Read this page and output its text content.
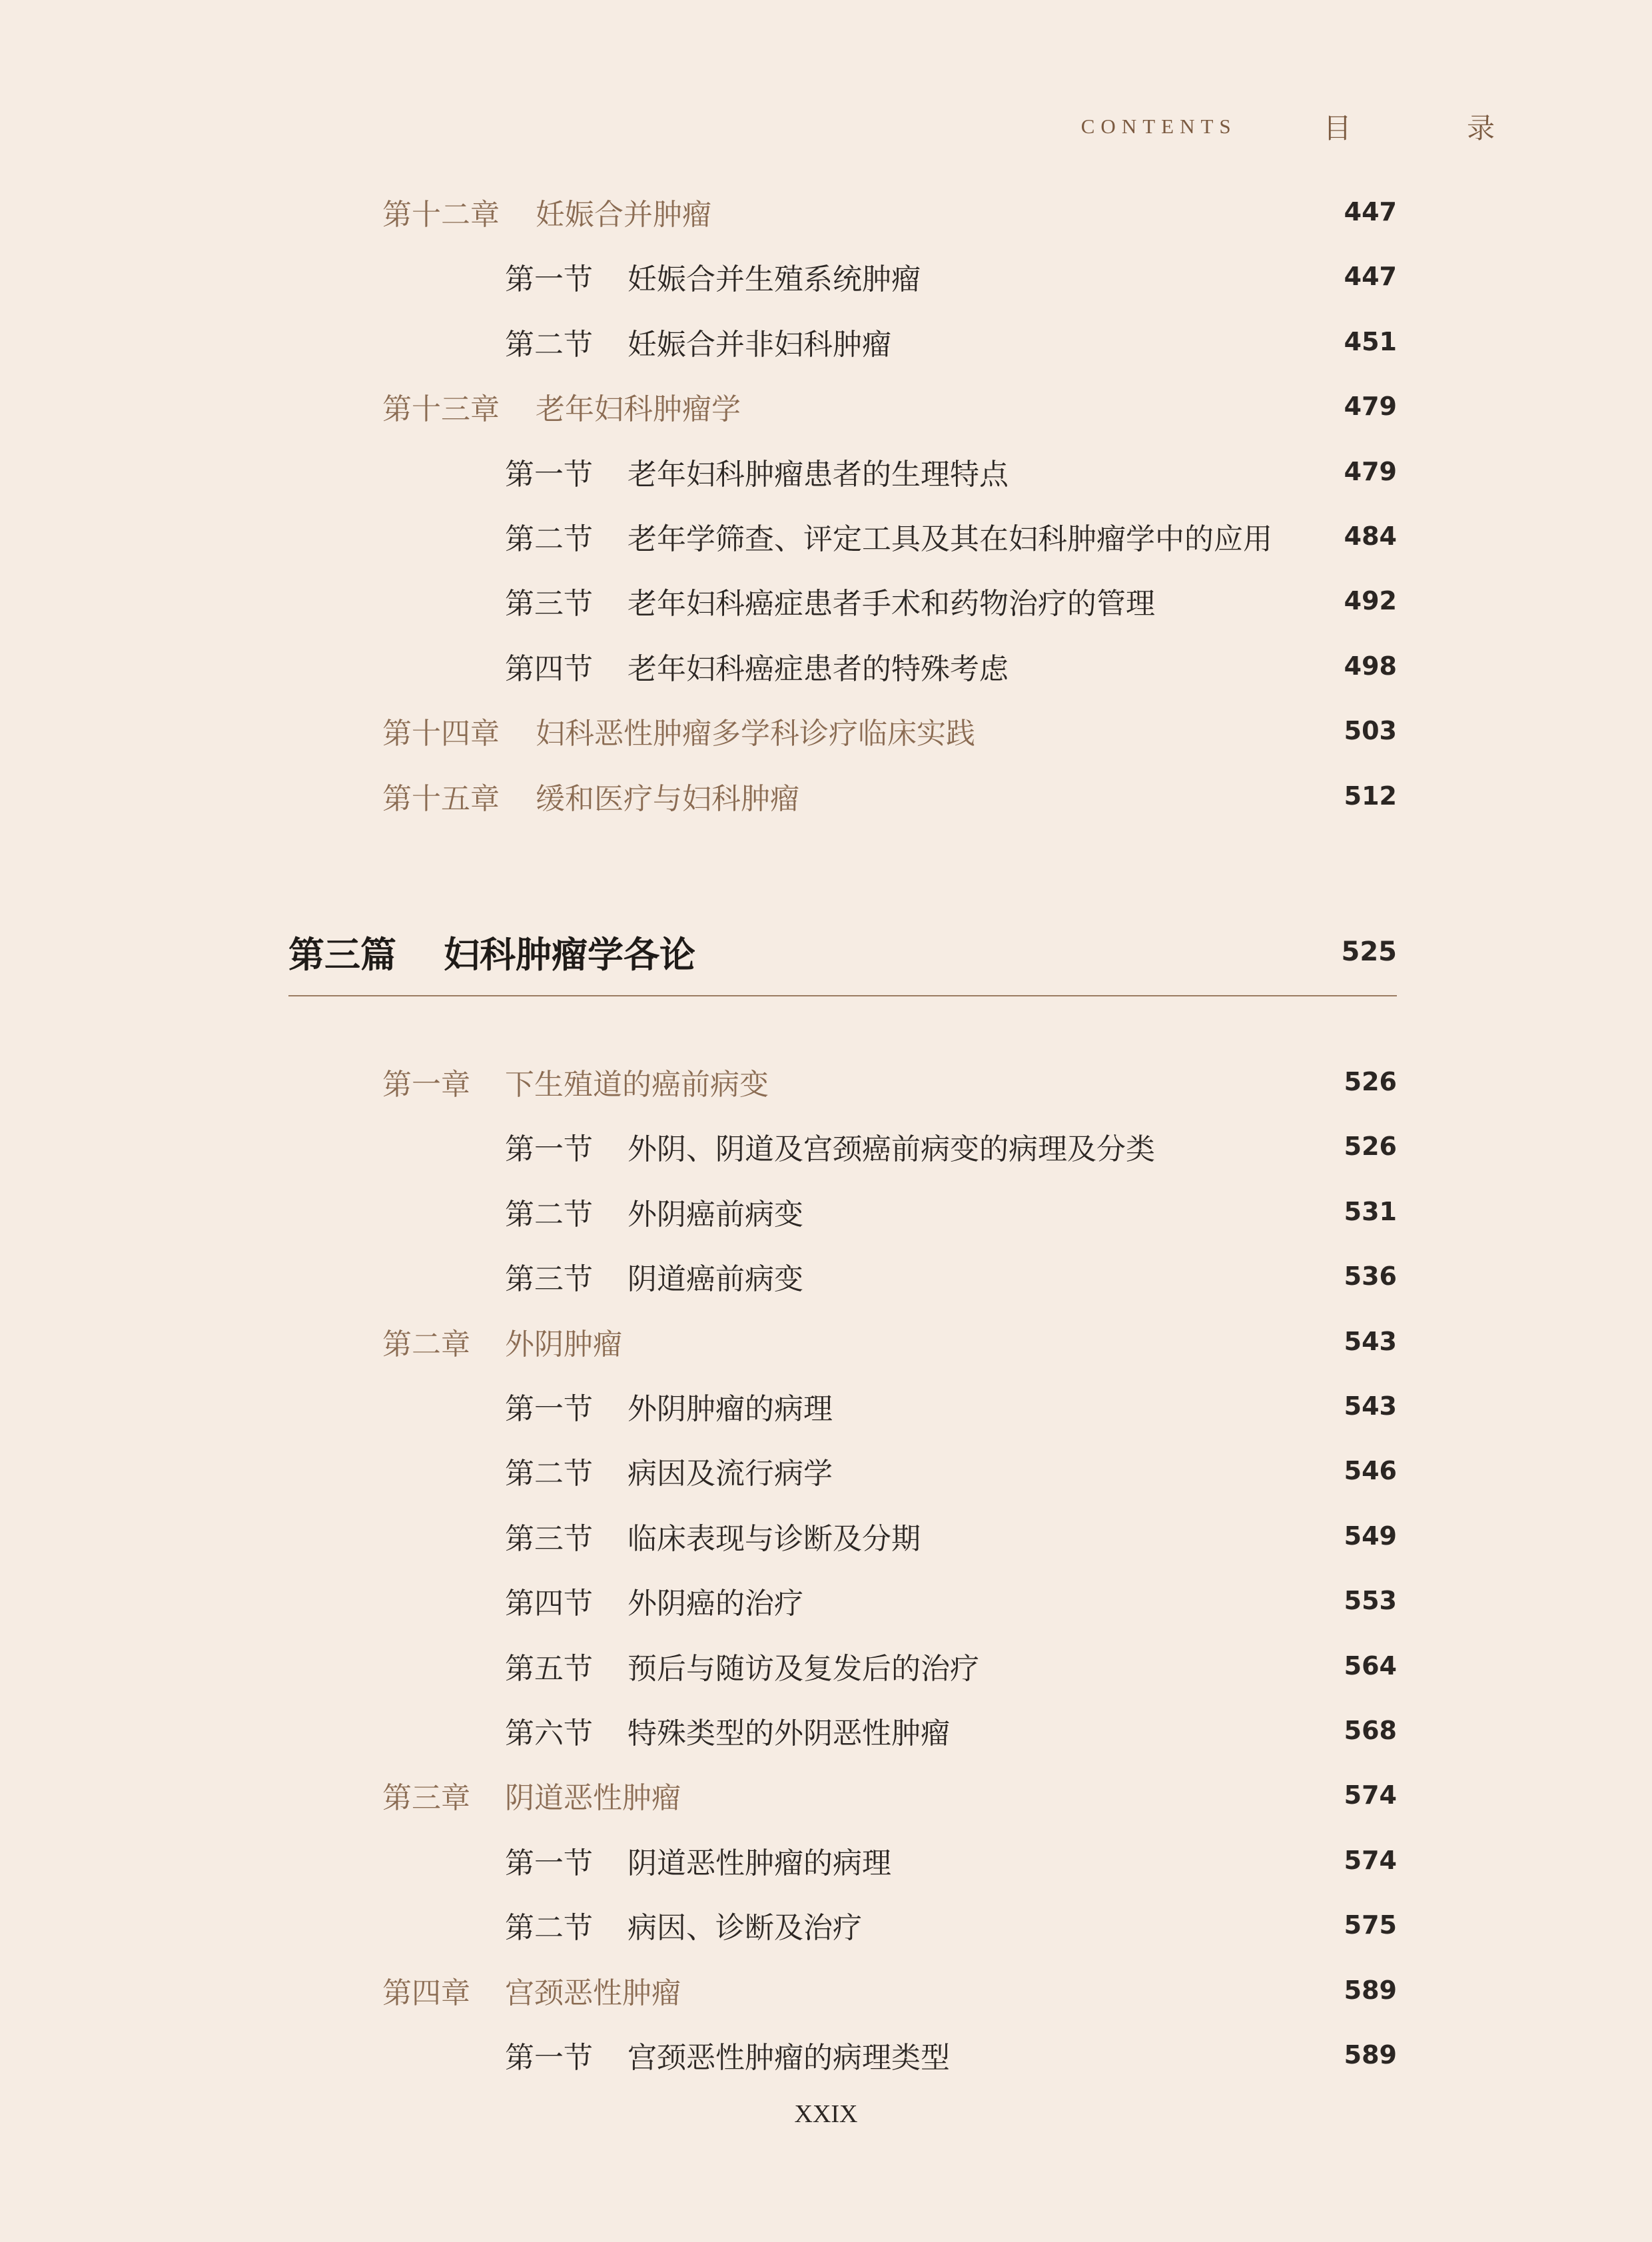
CONTENTS	目 录
第十二章 妊娠合并肿瘤	447
第一节 妊娠合并生殖系统肿瘤	447
第二节 妊娠合并非妇科肿瘤	451
第十三章 老年妇科肿瘤学	479
第一节 老年妇科肿瘤患者的生理特点	479
第二节 老年学筛查、评定工具及其在妇科肿瘤学中的应用	484
第三节 老年妇科癌症患者手术和药物治疗的管理	492
第四节 老年妇科癌症患者的特殊考虑	498
第十四章 妇科恶性肿瘤多学科诊疗临床实践	503
第十五章 缓和医疗与妇科肿瘤	512
第三篇 妇科肿瘤学各论	525
第一章 下生殖道的癌前病变	526
第一节 外阴、阴道及宫颈癌前病变的病理及分类	526
第二节 外阴癌前病变	531
第三节 阴道癌前病变	536
第二章 外阴肿瘤	543
第一节 外阴肿瘤的病理	543
第二节 病因及流行病学	546
第三节 临床表现与诊断及分期	549
第四节 外阴癌的治疗	553
第五节 预后与随访及复发后的治疗	564
第六节 特殊类型的外阴恶性肿瘤	568
第三章 阴道恶性肿瘤	574
第一节 阴道恶性肿瘤的病理	574
第二节 病因、诊断及治疗	575
第四章 宫颈恶性肿瘤	589
第一节 宫颈恶性肿瘤的病理类型	589
XXIX
